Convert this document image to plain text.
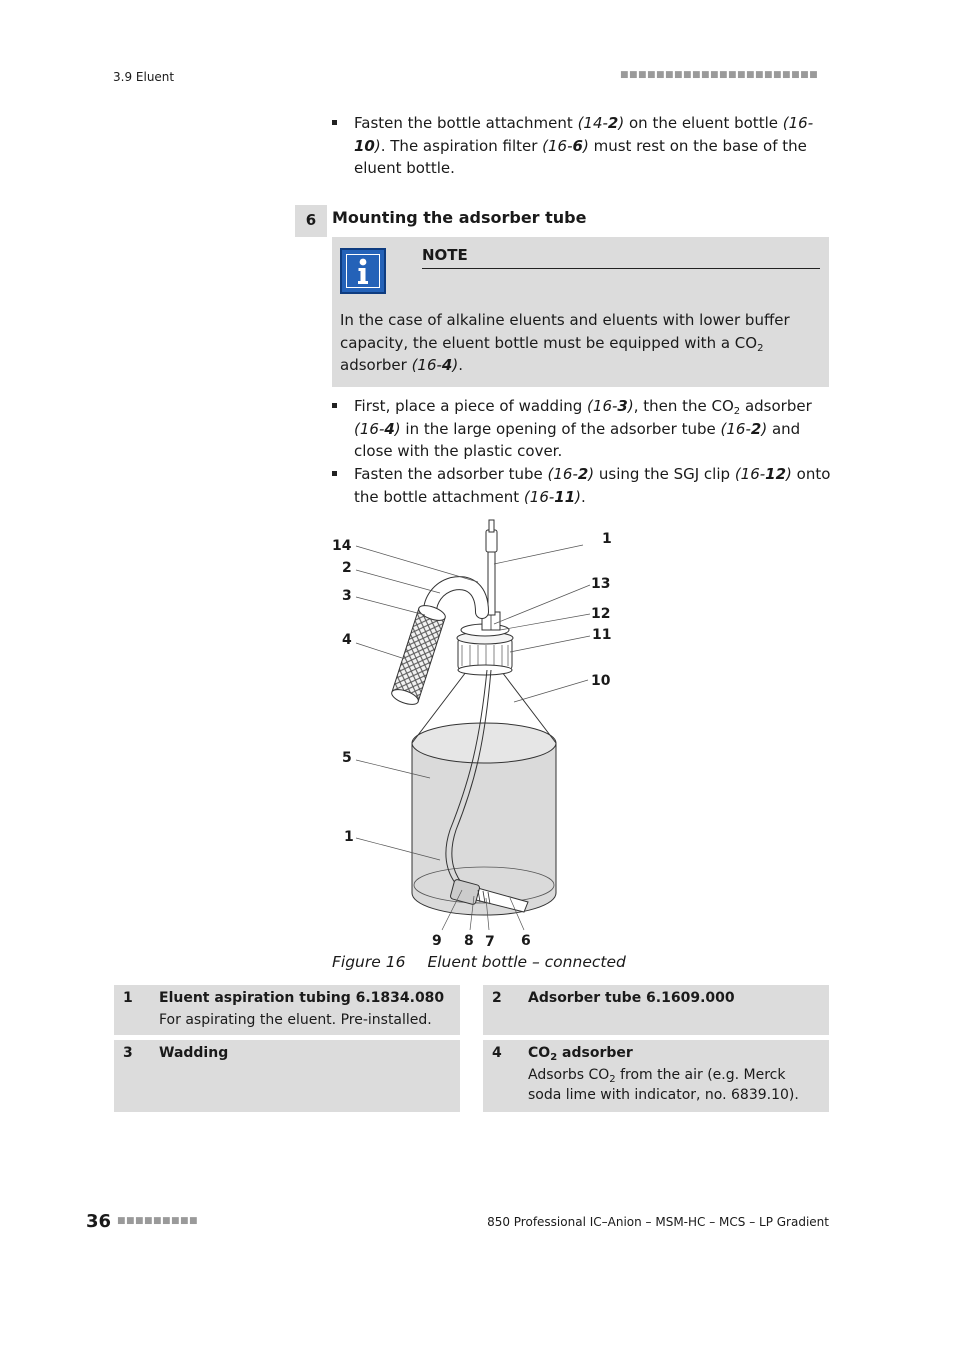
3.9 Eluent	■■■■■■■■■■■■■■■■■■■■■■
Fasten the bottle attachment (14-2) on the eluent bottle (16-10). The aspiration filter (16-6) must rest on the base of the eluent bottle.
6 Mounting the adsorber tube
NOTE
In the case of alkaline eluents and eluents with lower buffer capacity, the eluent bottle must be equipped with a $CO_2$ adsorber (16-4).
First, place a piece of wadding (16-3), then the $CO_2$ adsorber (16-4) in the large opening of the adsorber tube (16-2) and close with the plastic cover.
Fasten the adsorber tube (16-2) using the SGJ clip (16-12) onto the bottle attachment (16-11).
14
2
3
4
5
1
1
13
12
11
10
9 8 7 6
Figure 16 Eluent bottle – connected
1 Eluent aspiration tubing 6.1834.080
For aspirating the eluent. Pre-installed.
2 Adsorber tube 6.1609.000
3 Wadding	4 $CO_2$ adsorber
Adsorbs $CO_2$ from the air (e.g. Merck soda lime with indicator, no. 6839.10).
36 ■■■■■■■■■	850 Professional IC–Anion – MSM-HC – MCS – LP Gradient
